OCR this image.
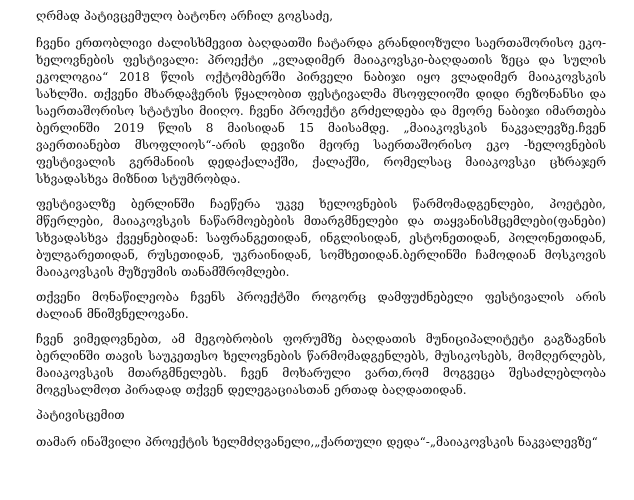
ღრმად პატივცემულო ბატონო არჩილ გოგსაძე,

ჩვენი ერთობლივი ძალისხმევით ბაღდათში ჩატარდა გრანდიოზული საერთაშორისო ეკო-ხელოვნების ფესტივალი: პროექტი „ვლადიმერ მაიაკოვსკი-ბაღდათის ზეცა და სულის ეკოლოგია“ 2018 წლის ოქტომბერში პირველი ნაბიჯი იყო ვლადიმერ მაიაკოვსკის სახლში. თქვენი მხარდაჭერის წყალობით ფესტივალმა მსოფლიოში დიდი რეზონანსი და საერთაშორისო სტატუსი მიიღო. ჩვენი პროექტი გრძელდება და მეორე ნაბიჯი იმართება ბერლინში 2019 წლის 8 მაისიდან 15 მაისამდე. „მაიაკოვსკის ნაკვალევზე.ჩვენ ვაერთიანებთ მსოფლიოს“-არის დევიზი მეორე საერთაშორისო ეკო -ხელოვნების ფესტივალის გერმანიის დედაქალაქში, ქალაქში, რომელსაც მაიაკოვსკი ცხრაჯერ სხვადასხვა მიზნით სტუმრობდა.

ფესტივალზე ბერლინში ჩაეწერა უკვე ხელოვნების წარმომადგენლები, პოეტები, მწერლები, მაიაკოვსკის ნაწარმოებების მთარგმნელები და თაყვანისმცემლები(ფანები) სხვადასხვა ქვეყნებიდან: საფრანგეთიდან, ინგლისიდან, ესტონეთიდან, პოლონეთიდან, ბულგარეთიდან, რუსეთიდან, უკრაინიდან, სომხეთიდან.ბერლინში ჩამოდიან მოსკოვის მაიაკოვსკის მუზეუმის თანამშრომლები.

თქვენი მონაწილეობა ჩვენს პროექტში როგორც დამფუძნებელი ფესტივალის არის ძალიან მნიშვნელოვანი.

ჩვენ ვიმედოვნებთ, ამ მეგობრობის ფორუმზე ბაღდათის მუნიციპალიტეტი გაგზავნის ბერლინში თავის საუკეთესო ხელოვნების წარმომადგენლებს, მუსიკოსებს, მომღერლებს, მაიაკოვსკის მთარგმნელებს. ჩვენ მოხარული ვართ,რომ მოგვეცა შესაძლებლობა მოგესალმოთ პირადად თქვენ დელეგაციასთან ერთად ბაღდათიდან.

პატივისცემით

თამარ ინაშვილი პროექტის ხელმძღვანელი,„ქართული დედა“-„მაიაკოვსკის ნაკვალევზე“
